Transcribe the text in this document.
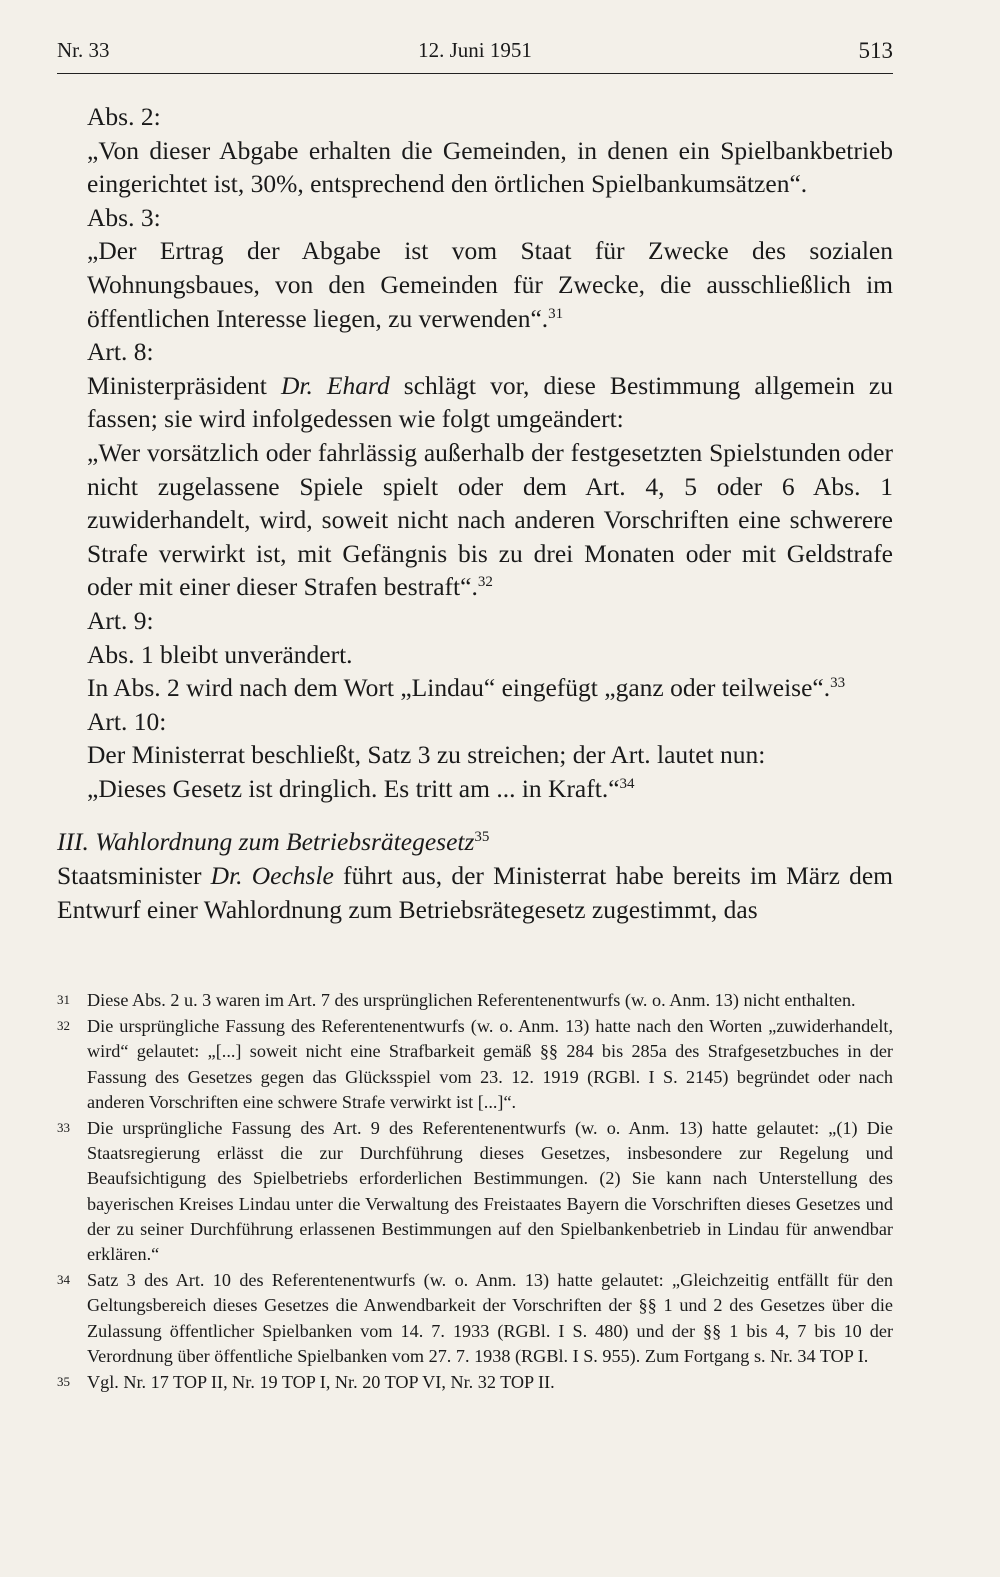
Nr. 33	12. Juni 1951	513

Abs. 2:

„Von dieser Abgabe erhalten die Gemeinden, in denen ein Spielbankbetrieb eingerichtet ist, 30%, entsprechend den örtlichen Spielbankumsätzen“.

Abs. 3:

„Der Ertrag der Abgabe ist vom Staat für Zwecke des sozialen Wohnungsbaues, von den Gemeinden für Zwecke, die ausschließlich im öffentlichen Interesse liegen, zu verwenden“.$^{31}$

Art. 8:

Ministerpräsident Dr. Ehard schlägt vor, diese Bestimmung allgemein zu fassen; sie wird infolgedessen wie folgt umgeändert:

„Wer vorsätzlich oder fahrlässig außerhalb der festgesetzten Spielstunden oder nicht zugelassene Spiele spielt oder dem Art. 4, 5 oder 6 Abs. 1 zuwiderhandelt, wird, soweit nicht nach anderen Vorschriften eine schwerere Strafe verwirkt ist, mit Gefängnis bis zu drei Monaten oder mit Geldstrafe oder mit einer dieser Strafen bestraft“.$^{32}$

Art. 9:

Abs. 1 bleibt unverändert.

In Abs. 2 wird nach dem Wort „Lindau“ eingefügt „ganz oder teilweise“.$^{33}$

Art. 10:

Der Ministerrat beschließt, Satz 3 zu streichen; der Art. lautet nun:

„Dieses Gesetz ist dringlich. Es tritt am ... in Kraft.“$^{34}$

III. Wahlordnung zum Betriebsrätegesetz$^{35}$

Staatsminister Dr. Oechsle führt aus, der Ministerrat habe bereits im März dem Entwurf einer Wahlordnung zum Betriebsrätegesetz zugestimmt, das

31 Diese Abs. 2 u. 3 waren im Art. 7 des ursprünglichen Referentenentwurfs (w. o. Anm. 13) nicht enthalten.
32 Die ursprüngliche Fassung des Referentenentwurfs (w. o. Anm. 13) hatte nach den Worten „zuwiderhandelt, wird“ gelautet: „[...] soweit nicht eine Strafbarkeit gemäß §§ 284 bis 285a des Strafgesetzbuches in der Fassung des Gesetzes gegen das Glücksspiel vom 23. 12. 1919 (RGBl. I S. 2145) begründet oder nach anderen Vorschriften eine schwere Strafe verwirkt ist [...]“.
33 Die ursprüngliche Fassung des Art. 9 des Referentenentwurfs (w. o. Anm. 13) hatte gelautet: „(1) Die Staatsregierung erlässt die zur Durchführung dieses Gesetzes, insbesondere zur Regelung und Beaufsichtigung des Spielbetriebs erforderlichen Bestimmungen. (2) Sie kann nach Unterstellung des bayerischen Kreises Lindau unter die Verwaltung des Freistaates Bayern die Vorschriften dieses Gesetzes und der zu seiner Durchführung erlassenen Bestimmungen auf den Spielbankenbetrieb in Lindau für anwendbar erklären.“
34 Satz 3 des Art. 10 des Referentenentwurfs (w. o. Anm. 13) hatte gelautet: „Gleichzeitig entfällt für den Geltungsbereich dieses Gesetzes die Anwendbarkeit der Vorschriften der §§ 1 und 2 des Gesetzes über die Zulassung öffentlicher Spielbanken vom 14. 7. 1933 (RGBl. I S. 480) und der §§ 1 bis 4, 7 bis 10 der Verordnung über öffentliche Spielbanken vom 27. 7. 1938 (RGBl. I S. 955). Zum Fortgang s. Nr. 34 TOP I.
35 Vgl. Nr. 17 TOP II, Nr. 19 TOP I, Nr. 20 TOP VI, Nr. 32 TOP II.
